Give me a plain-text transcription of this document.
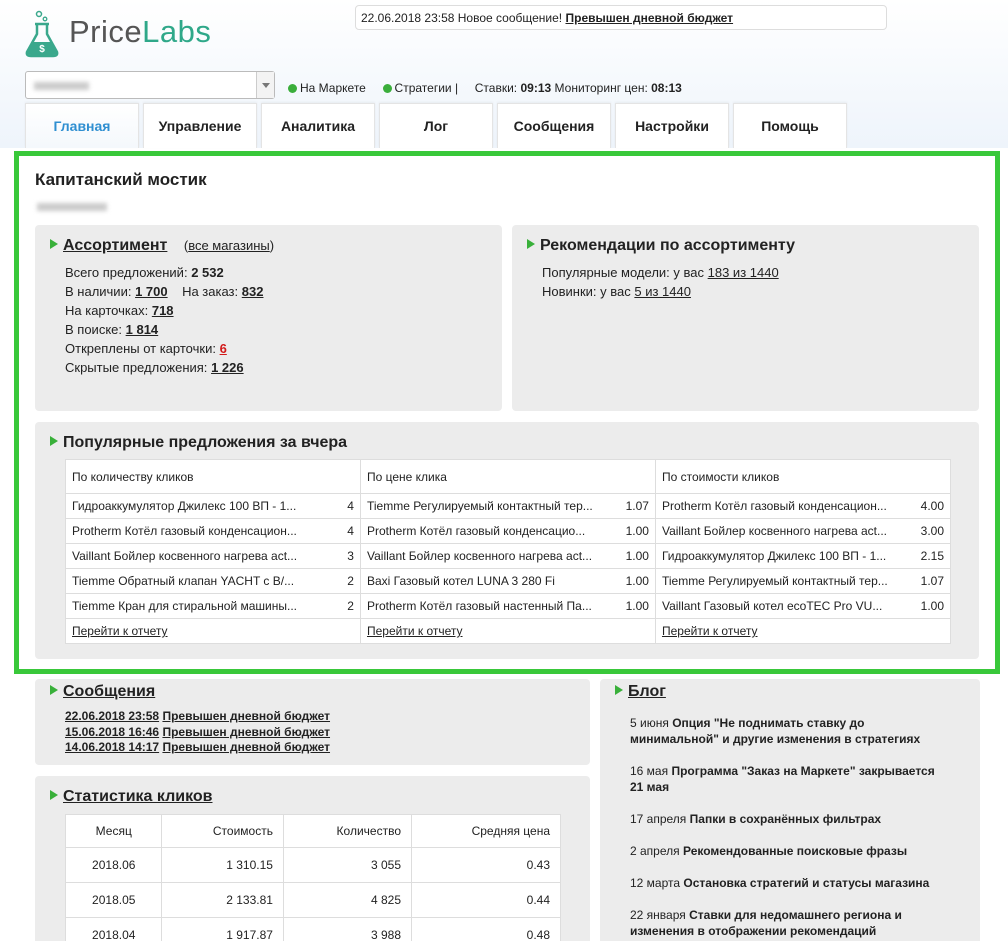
$
PriceLabs	22.06.2018 23:58 Новое сообщение! Превышен дневной бюджет
На Маркете Стратегии | Ставки: 09:13 Мониторинг цен: 08:13
Главная	Управление	Аналитика	Лог	Сообщения	Настройки	Помощь
Капитанский мостик
Ассортимент (все магазины)
Всего предложений: 2 532
В наличии: 1 700 На заказ: 832
На карточках: 718
В поиске: 1 814
Откреплены от карточки: 6
Скрытые предложения: 1 226
Рекомендации по ассортименту
Популярные модели: у вас 183 из 1440
Новинки: у вас 5 из 1440
Популярные предложения за вчера
По количеству кликов		По цене клика		По стоимости кликов	
Гидроаккумулятор Джилекс 100 ВП - 1...	4	Tiemme Регулируемый контактный тер...	1.07	Protherm Котёл газовый конденсацион...	4.00
Protherm Котёл газовый конденсацион...	4	Protherm Котёл газовый конденсацио...	1.00	Vaillant Бойлер косвенного нагрева act...	3.00
Vaillant Бойлер косвенного нагрева act...	3	Vaillant Бойлер косвенного нагрева act...	1.00	Гидроаккумулятор Джилекс 100 ВП - 1...	2.15
Tiemme Обратный клапан YACHT с В/...	2	Baxi Газовый котел LUNA 3 280 Fi	1.00	Tiemme Регулируемый контактный тер...	1.07
Tiemme Кран для стиральной машины...	2	Protherm Котёл газовый настенный Па...	1.00	Vaillant Газовый котел ecoTEC Pro VU...	1.00
Перейти к отчету		Перейти к отчету		Перейти к отчету	
Сообщения
22.06.2018 23:58 Превышен дневной бюджет
15.06.2018 16:46 Превышен дневной бюджет
14.06.2018 14:17 Превышен дневной бюджет
Статистика кликов
Месяц	Стоимость	Количество	Средняя цена
2018.06	1 310.15	3 055	0.43
2018.05	2 133.81	4 825	0.44
2018.04	1 917.87	3 988	0.48
Блог
5 июня Опция "Не поднимать ставку до минимальной" и другие изменения в стратегиях
16 мая Программа "Заказ на Маркете" закрывается 21 мая
17 апреля Папки в сохранённых фильтрах
2 апреля Рекомендованные поисковые фразы
12 марта Остановка стратегий и статусы магазина
22 января Ставки для недомашнего региона и изменения в отображении рекомендаций
